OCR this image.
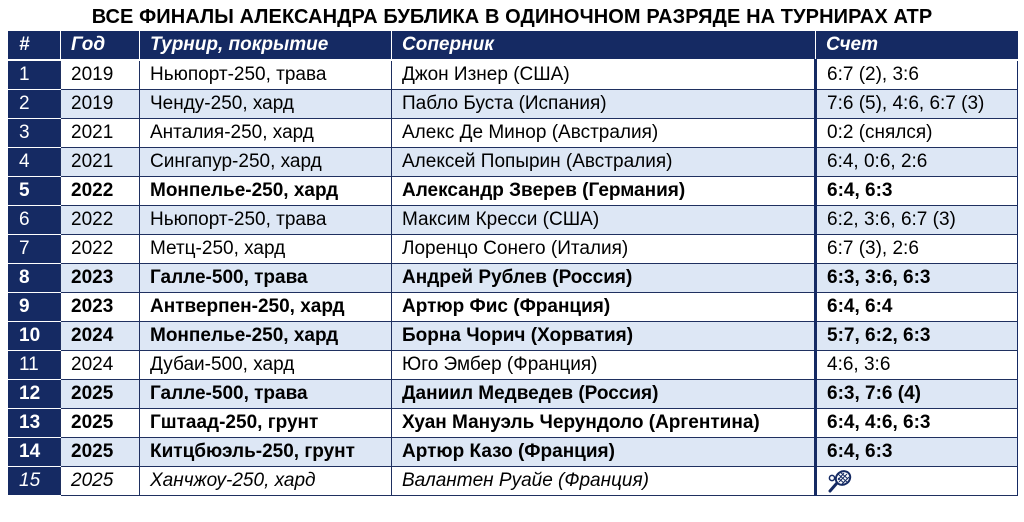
ВСЕ ФИНАЛЫ АЛЕКСАНДРА БУБЛИКА В ОДИНОЧНОМ РАЗРЯДЕ НА ТУРНИРАХ ATP
#	Год	Турнир, покрытие	Соперник	Счет
1	2019	Ньюпорт-250, трава	Джон Изнер (США)	6:7 (2), 3:6
2	2019	Ченду-250, хард	Пабло Буста (Испания)	7:6 (5), 4:6, 6:7 (3)
3	2021	Анталия-250, хард	Алекс Де Минор (Австралия)	0:2 (снялся)
4	2021	Сингапур-250, хард	Алексей Попырин (Австралия)	6:4, 0:6, 2:6
5	2022	Монпелье-250, хард	Александр Зверев (Германия)	6:4, 6:3
6	2022	Ньюпорт-250, трава	Максим Кресси (США)	6:2, 3:6, 6:7 (3)
7	2022	Метц-250, хард	Лоренцо Сонего (Италия)	6:7 (3), 2:6
8	2023	Галле-500, трава	Андрей Рублев (Россия)	6:3, 3:6, 6:3
9	2023	Антверпен-250, хард	Артюр Фис (Франция)	6:4, 6:4
10	2024	Монпелье-250, хард	Борна Чорич (Хорватия)	5:7, 6:2, 6:3
11	2024	Дубаи-500, хард	Юго Эмбер (Франция)	4:6, 3:6
12	2025	Галле-500, трава	Даниил Медведев (Россия)	6:3, 7:6 (4)
13	2025	Гштаад-250, грунт	Хуан Мануэль Черундоло (Аргентина)	6:4, 4:6, 6:3
14	2025	Китцбюэль-250, грунт	Артюр Казо (Франция)	6:4, 6:3
15	2025	Ханчжоу-250, хард	Валантен Руайе (Франция)	
